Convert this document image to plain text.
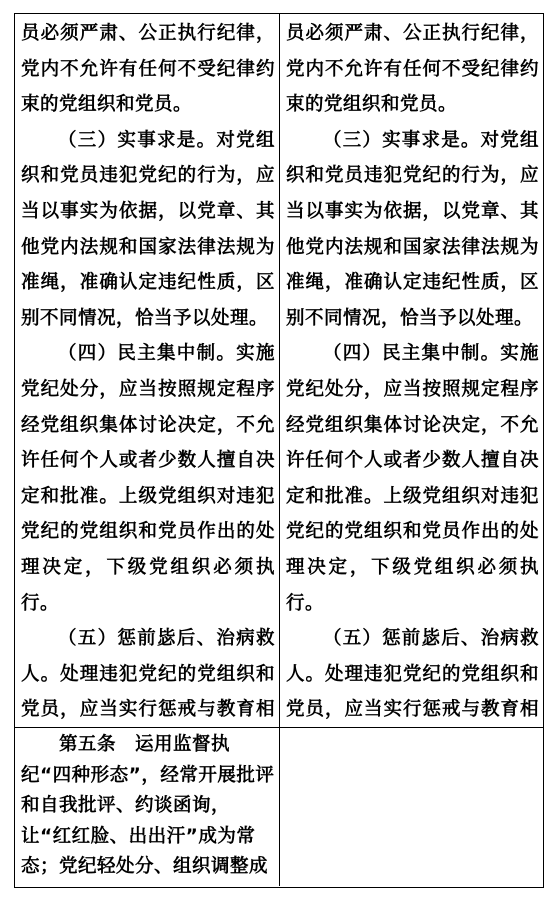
员必须严肃、公正执行纪律，党内不允许有任何不受纪律约束的党组织和党员。

（三）实事求是。对党组织和党员违犯党纪的行为，应当以事实为依据，以党章、其他党内法规和国家法律法规为准绳，准确认定违纪性质，区别不同情况，恰当予以处理。

（四）民主集中制。实施党纪处分，应当按照规定程序经党组织集体讨论决定，不允许任何个人或者少数人擅自决定和批准。上级党组织对违犯党纪的党组织和党员作出的处理决定，下级党组织必须执行。

（五）惩前毖后、治病救人。处理违犯党纪的党组织和党员，应当实行惩戒与教育相

员必须严肃、公正执行纪律，党内不允许有任何不受纪律约束的党组织和党员。

（三）实事求是。对党组织和党员违犯党纪的行为，应当以事实为依据，以党章、其他党内法规和国家法律法规为准绳，准确认定违纪性质，区别不同情况，恰当予以处理。

（四）民主集中制。实施党纪处分，应当按照规定程序经党组织集体讨论决定，不允许任何个人或者少数人擅自决定和批准。上级党组织对违犯党纪的党组织和党员作出的处理决定，下级党组织必须执行。

（五）惩前毖后、治病救人。处理违犯党纪的党组织和党员，应当实行惩戒与教育相

　　第五条　运用监督执纪“四种形态”，经常开展批评和自我批评、约谈函询，让“红红脸、出出汗”成为常态；党纪轻处分、组织调整成
